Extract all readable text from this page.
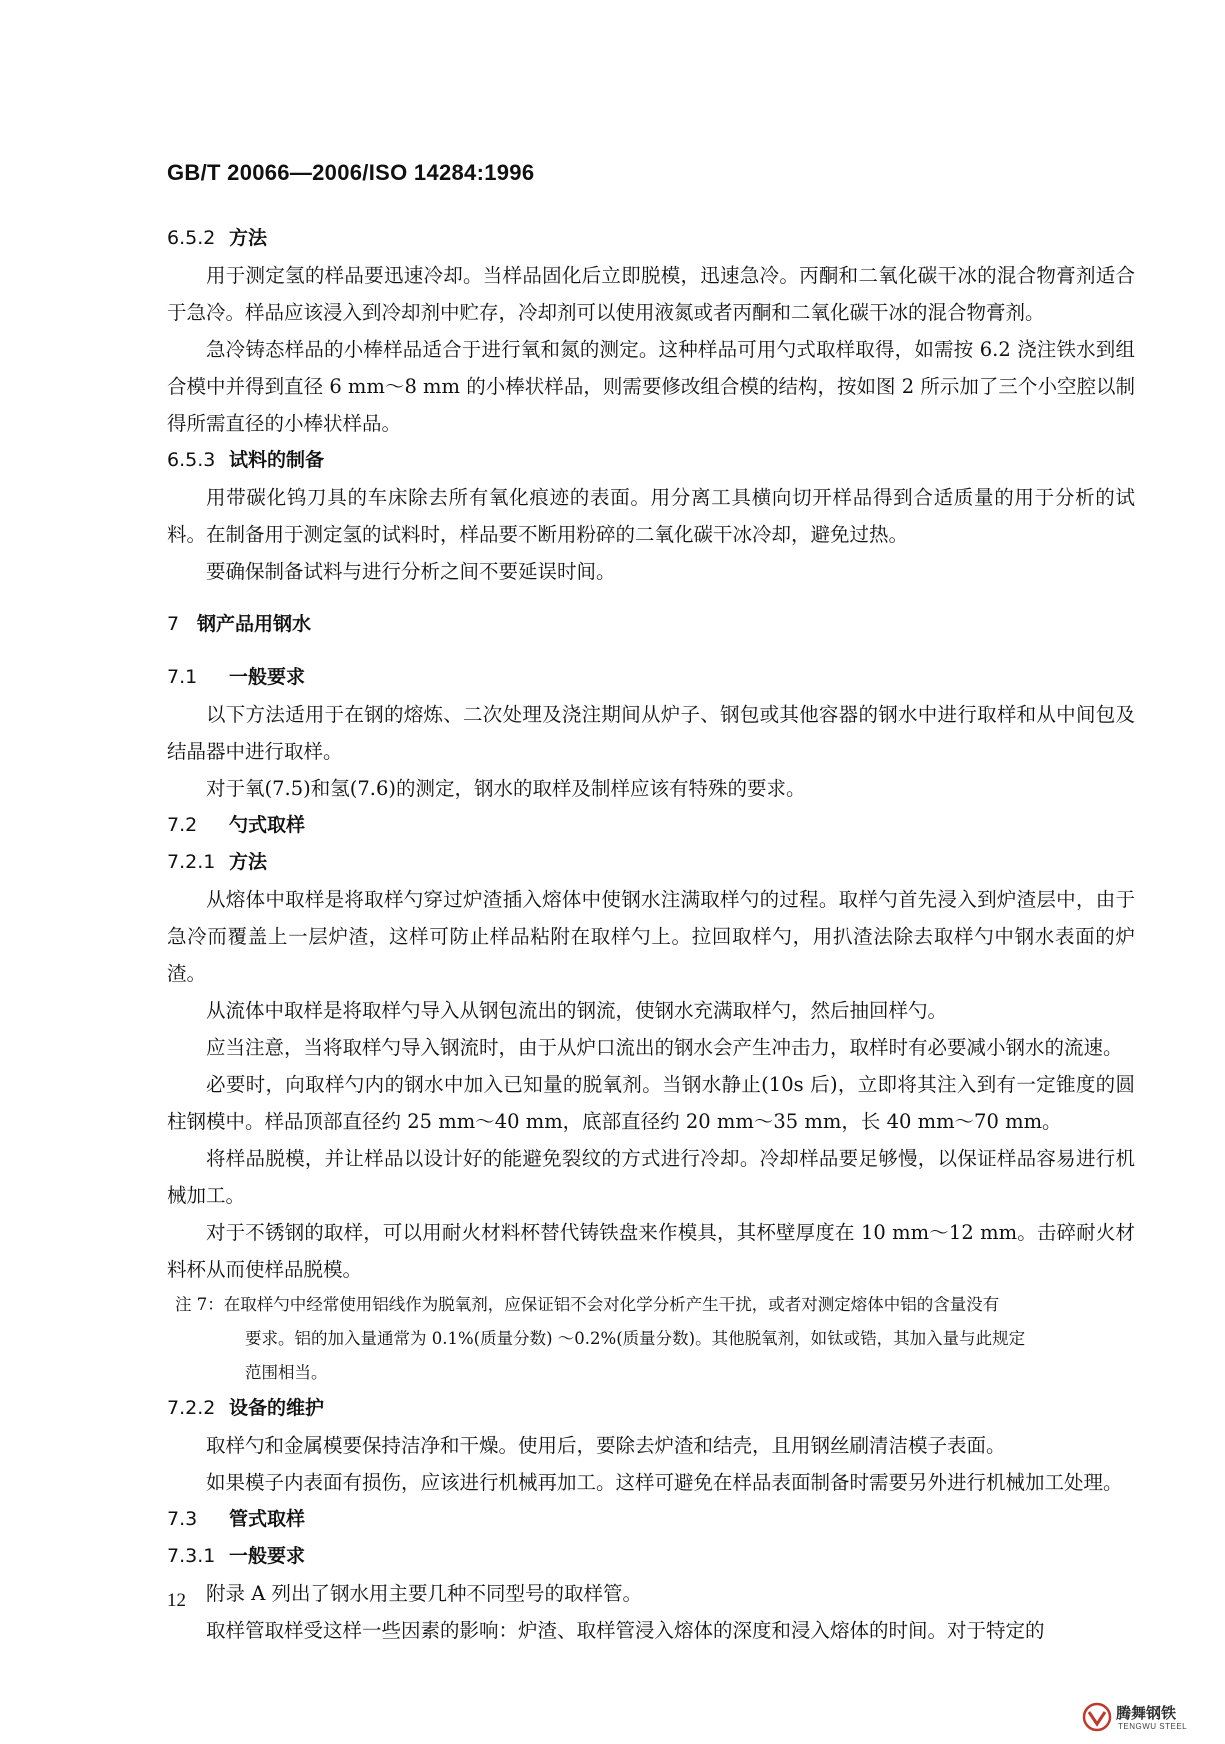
GB/T 20066—2006/ISO 14284:1996
6.5.2 方法
用于测定氢的样品要迅速冷却。当样品固化后立即脱模，迅速急冷。丙酮和二氧化碳干冰的混合物膏剂适合于急冷。样品应该浸入到冷却剂中贮存，冷却剂可以使用液氮或者丙酮和二氧化碳干冰的混合物膏剂。
急冷铸态样品的小棒样品适合于进行氧和氮的测定。这种样品可用勺式取样取得，如需按 6.2 浇注铁水到组合模中并得到直径 6 mm～8 mm 的小棒状样品，则需要修改组合模的结构，按如图 2 所示加了三个小空腔以制得所需直径的小棒状样品。
6.5.3 试料的制备
用带碳化钨刀具的车床除去所有氧化痕迹的表面。用分离工具横向切开样品得到合适质量的用于分析的试料。在制备用于测定氢的试料时，样品要不断用粉碎的二氧化碳干冰冷却，避免过热。
要确保制备试料与进行分析之间不要延误时间。
7 钢产品用钢水
7.1 一般要求
以下方法适用于在钢的熔炼、二次处理及浇注期间从炉子、钢包或其他容器的钢水中进行取样和从中间包及结晶器中进行取样。
对于氧(7.5)和氢(7.6)的测定，钢水的取样及制样应该有特殊的要求。
7.2 勺式取样
7.2.1 方法
从熔体中取样是将取样勺穿过炉渣插入熔体中使钢水注满取样勺的过程。取样勺首先浸入到炉渣层中，由于急冷而覆盖上一层炉渣，这样可防止样品粘附在取样勺上。拉回取样勺，用扒渣法除去取样勺中钢水表面的炉渣。
从流体中取样是将取样勺导入从钢包流出的钢流，使钢水充满取样勺，然后抽回样勺。
应当注意，当将取样勺导入钢流时，由于从炉口流出的钢水会产生冲击力，取样时有必要减小钢水的流速。
必要时，向取样勺内的钢水中加入已知量的脱氧剂。当钢水静止(10s 后)，立即将其注入到有一定锥度的圆柱钢模中。样品顶部直径约 25 mm～40 mm，底部直径约 20 mm～35 mm，长 40 mm～70 mm。
将样品脱模，并让样品以设计好的能避免裂纹的方式进行冷却。冷却样品要足够慢，以保证样品容易进行机械加工。
对于不锈钢的取样，可以用耐火材料杯替代铸铁盘来作模具，其杯壁厚度在 10 mm～12 mm。击碎耐火材料杯从而使样品脱模。
注 7：在取样勺中经常使用铝线作为脱氧剂，应保证铝不会对化学分析产生干扰，或者对测定熔体中铝的含量没有
要求。铝的加入量通常为 0.1%(质量分数) ～0.2%(质量分数)。其他脱氧剂，如钛或锆，其加入量与此规定
范围相当。
7.2.2 设备的维护
取样勺和金属模要保持洁净和干燥。使用后，要除去炉渣和结壳，且用钢丝刷清洁模子表面。
如果模子内表面有损伤，应该进行机械再加工。这样可避免在样品表面制备时需要另外进行机械加工处理。
7.3 管式取样
7.3.1 一般要求
附录 A 列出了钢水用主要几种不同型号的取样管。
取样管取样受这样一些因素的影响：炉渣、取样管浸入熔体的深度和浸入熔体的时间。对于特定的
12
腾舞钢铁
TENGWU STEEL
